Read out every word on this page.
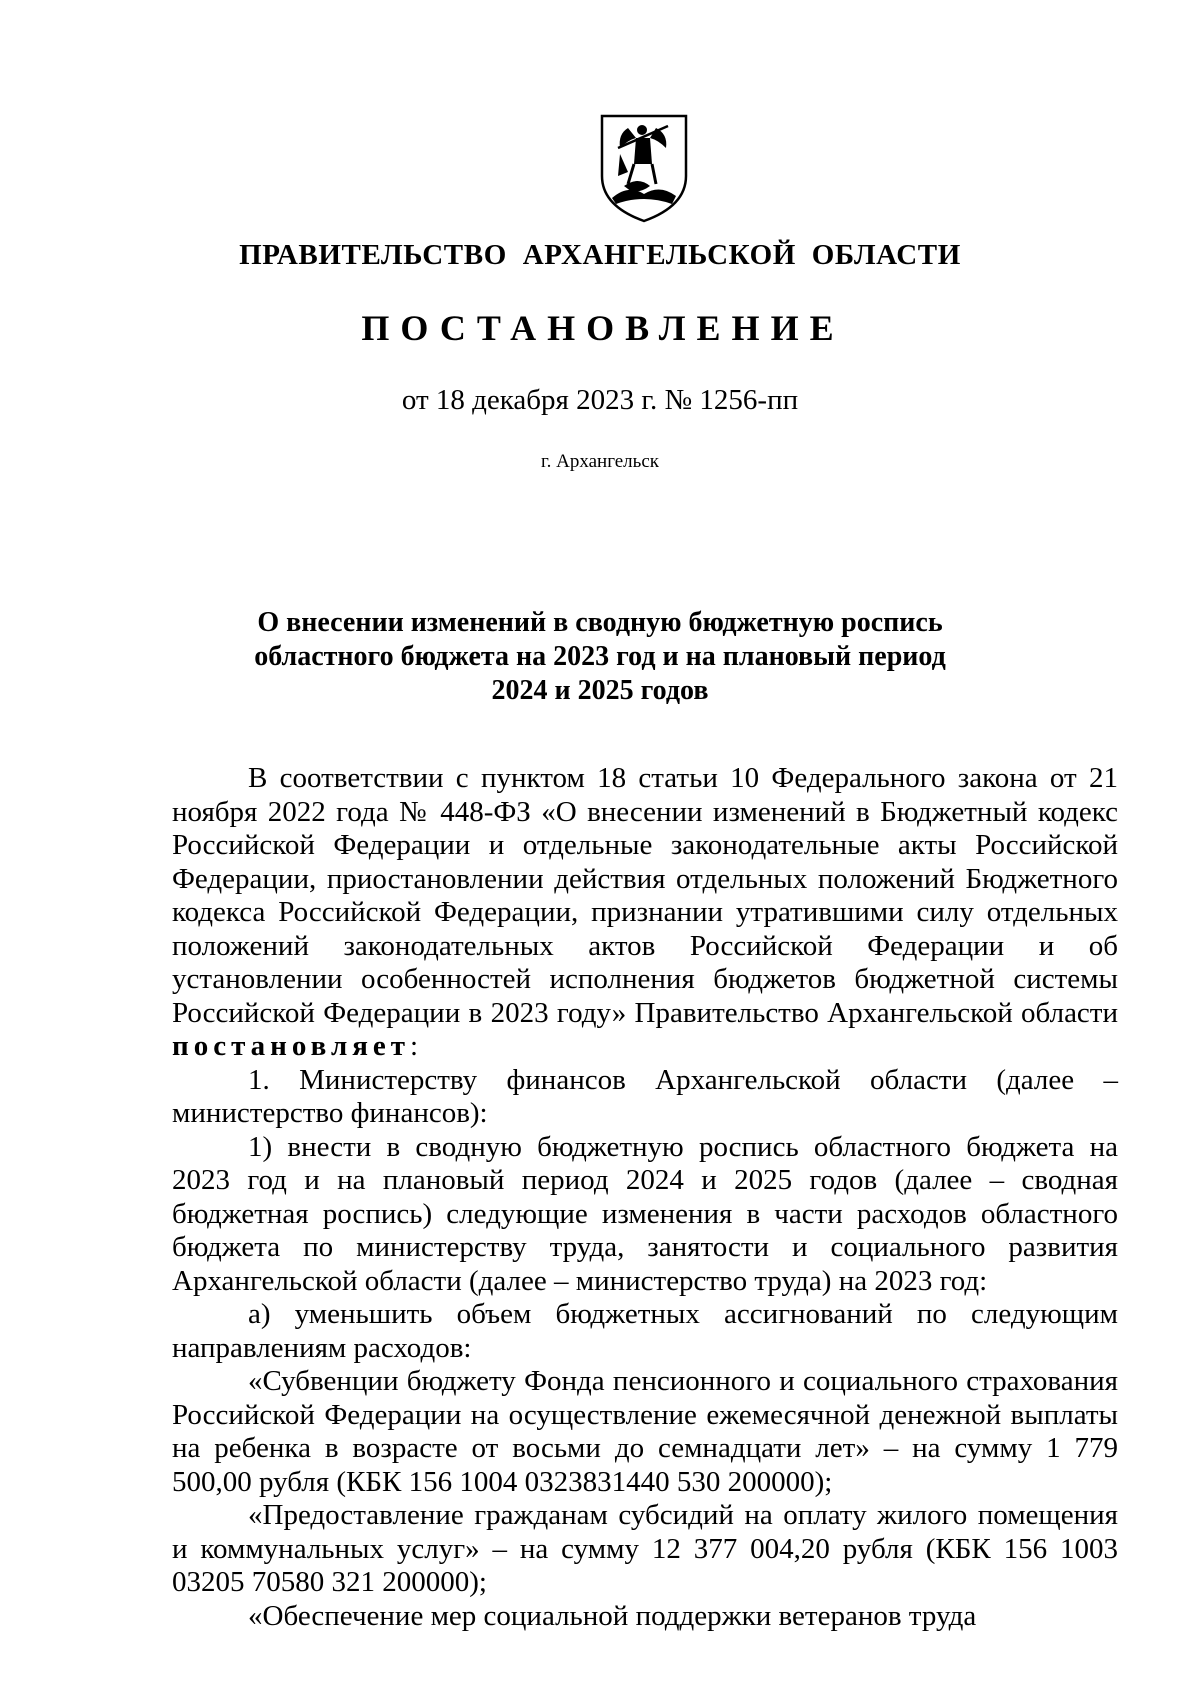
ПРАВИТЕЛЬСТВО АРХАНГЕЛЬСКОЙ ОБЛАСТИ
ПОСТАНОВЛЕНИЕ
от 18 декабря 2023 г. № 1256-пп
г. Архангельск
О внесении изменений в сводную бюджетную роспись
областного бюджета на 2023 год и на плановый период
2024 и 2025 годов

В соответствии с пунктом 18 статьи 10 Федерального закона от 21 ноября 2022 года № 448-ФЗ «О внесении изменений в Бюджетный кодекс Российской Федерации и отдельные законодательные акты Российской Федерации, приостановлении действия отдельных положений Бюджетного кодекса Российской Федерации, признании утратившими силу отдельных положений законодательных актов Российской Федерации и об установлении особенностей исполнения бюджетов бюджетной системы Российской Федерации в 2023 году» Правительство Архангельской области постановляет:

1. Министерству финансов Архангельской области (далее – министерство финансов):

1) внести в сводную бюджетную роспись областного бюджета на 2023 год и на плановый период 2024 и 2025 годов (далее – сводная бюджетная роспись) следующие изменения в части расходов областного бюджета по министерству труда, занятости и социального развития Архангельской области (далее – министерство труда) на 2023 год:

а) уменьшить объем бюджетных ассигнований по следующим направлениям расходов:

«Субвенции бюджету Фонда пенсионного и социального страхования Российской Федерации на осуществление ежемесячной денежной выплаты на ребенка в возрасте от восьми до семнадцати лет» – на сумму 1 779 500,00 рубля (КБК 156 1004 0323831440 530 200000);

«Предоставление гражданам субсидий на оплату жилого помещения и коммунальных услуг» – на сумму 12 377 004,20 рубля (КБК 156 1003 03205 70580 321 200000);

«Обеспечение мер социальной поддержки ветеранов труда
